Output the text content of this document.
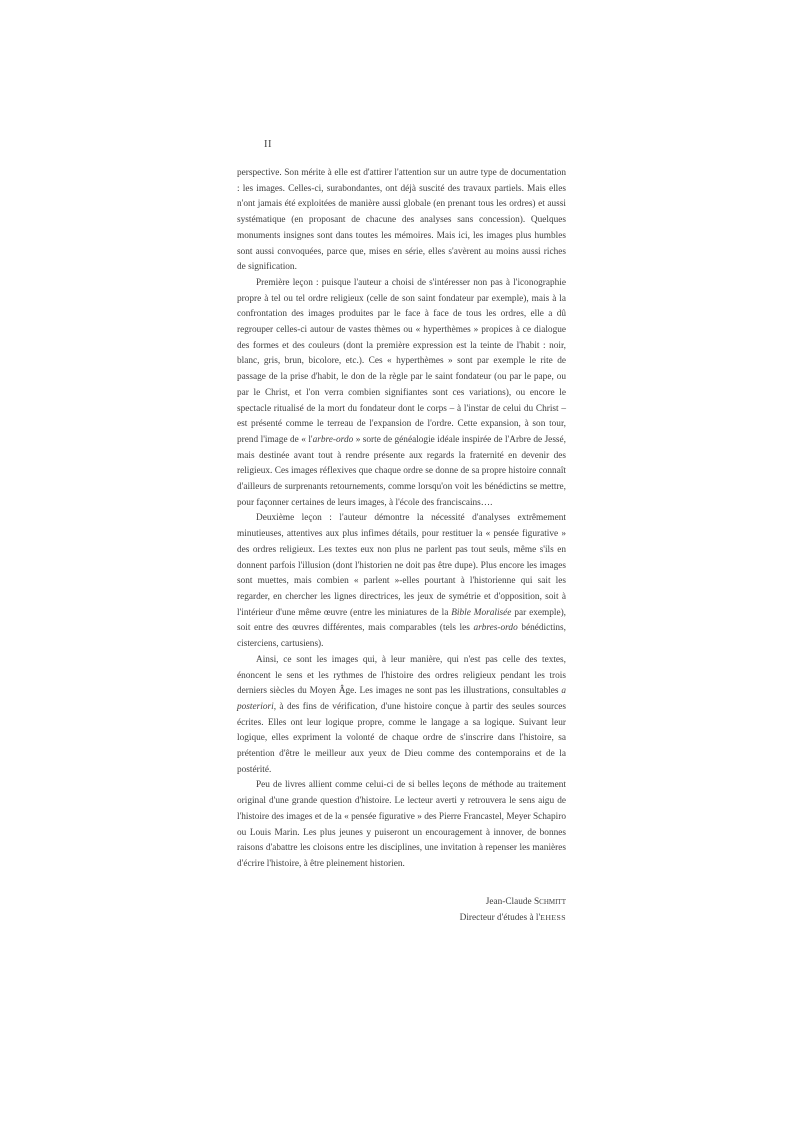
II

perspective. Son mérite à elle est d'attirer l'attention sur un autre type de documentation : les images. Celles-ci, surabondantes, ont déjà suscité des travaux partiels. Mais elles n'ont jamais été exploitées de manière aussi globale (en prenant tous les ordres) et aussi systématique (en proposant de chacune des analyses sans concession). Quelques monuments insignes sont dans toutes les mémoires. Mais ici, les images plus humbles sont aussi convoquées, parce que, mises en série, elles s'avèrent au moins aussi riches de signification.

Première leçon : puisque l'auteur a choisi de s'intéresser non pas à l'iconographie propre à tel ou tel ordre religieux (celle de son saint fondateur par exemple), mais à la confrontation des images produites par le face à face de tous les ordres, elle a dû regrouper celles-ci autour de vastes thèmes ou « hyperthèmes » propices à ce dialogue des formes et des couleurs (dont la première expression est la teinte de l'habit : noir, blanc, gris, brun, bicolore, etc.). Ces « hyperthèmes » sont par exemple le rite de passage de la prise d'habit, le don de la règle par le saint fondateur (ou par le pape, ou par le Christ, et l'on verra combien signifiantes sont ces variations), ou encore le spectacle ritualisé de la mort du fondateur dont le corps – à l'instar de celui du Christ – est présenté comme le terreau de l'expansion de l'ordre. Cette expansion, à son tour, prend l'image de « l'arbre-ordo » sorte de généalogie idéale inspirée de l'Arbre de Jessé, mais destinée avant tout à rendre présente aux regards la fraternité en devenir des religieux. Ces images réflexives que chaque ordre se donne de sa propre histoire connaît d'ailleurs de surprenants retournements, comme lorsqu'on voit les bénédictins se mettre, pour façonner certaines de leurs images, à l'école des franciscains….

Deuxième leçon : l'auteur démontre la nécessité d'analyses extrêmement minutieuses, attentives aux plus infimes détails, pour restituer la « pensée figurative » des ordres religieux. Les textes eux non plus ne parlent pas tout seuls, même s'ils en donnent parfois l'illusion (dont l'historien ne doit pas être dupe). Plus encore les images sont muettes, mais combien « parlent »-elles pourtant à l'historienne qui sait les regarder, en chercher les lignes directrices, les jeux de symétrie et d'opposition, soit à l'intérieur d'une même œuvre (entre les miniatures de la Bible Moralisée par exemple), soit entre des œuvres différentes, mais comparables (tels les arbres-ordo bénédictins, cisterciens, cartusiens).

Ainsi, ce sont les images qui, à leur manière, qui n'est pas celle des textes, énoncent le sens et les rythmes de l'histoire des ordres religieux pendant les trois derniers siècles du Moyen Âge. Les images ne sont pas les illustrations, consultables a posteriori, à des fins de vérification, d'une histoire conçue à partir des seules sources écrites. Elles ont leur logique propre, comme le langage a sa logique. Suivant leur logique, elles expriment la volonté de chaque ordre de s'inscrire dans l'histoire, sa prétention d'être le meilleur aux yeux de Dieu comme des contemporains et de la postérité.

Peu de livres allient comme celui-ci de si belles leçons de méthode au traitement original d'une grande question d'histoire. Le lecteur averti y retrouvera le sens aigu de l'histoire des images et de la « pensée figurative » des Pierre Francastel, Meyer Schapiro ou Louis Marin. Les plus jeunes y puiseront un encouragement à innover, de bonnes raisons d'abattre les cloisons entre les disciplines, une invitation à repenser les manières d'écrire l'histoire, à être pleinement historien.

Jean-Claude Schmitt
Directeur d'études à l'EHESS
